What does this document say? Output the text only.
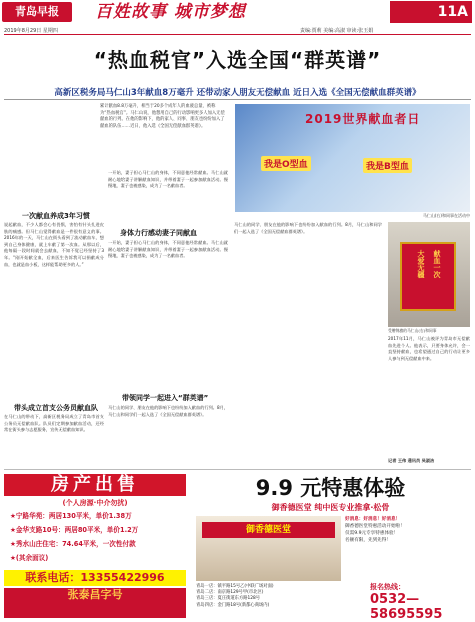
青岛早报	百姓故事 城市梦想	11A
2019年8月29日 星期四	责编:贾莉 美编:高淑 审读:张玉娟
“热血税官”入选全国“群英谱”
高新区税务局马仁山3年献血8万毫升 还带动家人朋友无偿献血 近日入选《全国无偿献血群英谱》
累计献血8.8万毫升，相当于20多个成年人的血液总量，被称为“热血税官”。马仁山说，他想用自己的行动影响更多人加入无偿献血的行列。在他的影响下，他的家人、同事、朋友也纷纷加入了献血的队伍……近日，他入选《全国无偿献血群英谱》。
2019世界献血者日
我是O型血	我是B型血
马仁山(右)和同事在活动中
一次献血养成3年习惯
说起献血，不少人都会心有畏惧，害怕有针头扎进皮肤的痛感。但马仁山觉得献血是一件很有意义的事。2016年的一天，马仁山在街头看到了流动献血车，想到自己身体健康，就上车献了第一次血。从那以后，他每隔一段时间就会去献血，不知不觉已经坚持了3年。“刚开始献全血，后来医生告诉我可以捐献成分血，也就是血小板，这样能帮助更多的人。”
带头成立首支公务员献血队
在马仁山的带动下，高新区税务局成立了青岛市首支公务员无偿献血队。队员们定期参加献血活动，还经常在街头参与志愿服务，宣传无偿献血知识。
一开始，妻子担心马仁山的身体，不同意他经常献血。马仁山就耐心地给妻子讲解献血知识，并带着妻子一起参加献血活动。慢慢地，妻子也被感染，成为了一名献血者。
身体力行感动妻子同献血
一开始，妻子担心马仁山的身体，不同意他经常献血。马仁山就耐心地给妻子讲解献血知识，并带着妻子一起参加献血活动。慢慢地，妻子也被感染，成为了一名献血者。
带领同学一起进入“群英谱”
马仁山的同学、朋友在他的影响下也纷纷加入献血的行列。8月，马仁山和同学们一起入选了《全国无偿献血群英谱》。
马仁山的同学、朋友在他的影响下也纷纷加入献血的行列。8月，马仁山和同学们一起入选了《全国无偿献血群英谱》。
献血一次
大爱无疆
受赠锦旗的马仁山(右)和同事
2017年11月，马仁山被评为青岛市无偿献血先进个人。他表示，只要身体允许，会一直坚持献血，也希望通过自己的行动让更多人参与到无偿献血中来。
记者 王伟 通讯员 吴淑洁
房产出售
(个人房源·中介勿扰)
★宁路华苑：两居130平米，单价1.38万
★金华支路10号：两居80平米，单价1.2万
★秀水山庄住宅：74.64平米，一次性付款
★(其余面议)
联系电话：13355422996
张泰昌字号
9.9 元特惠体验
御香德医堂 纯中医专业推拿·松骨
御香德医堂
好消息：好消息！好消息！
御香德医堂特惠活动开始啦！
仅需9.9元专享特惠体验！
名额有限，先到先得！
青岛一店：镇平路15号乙(中联广场对面)
青岛二店：南京路129号甲(市北区)
青岛三店：夏庄街道东方路128号
青岛四店：金门路18号(新都心商场内)
报名热线：
0532—58695595
